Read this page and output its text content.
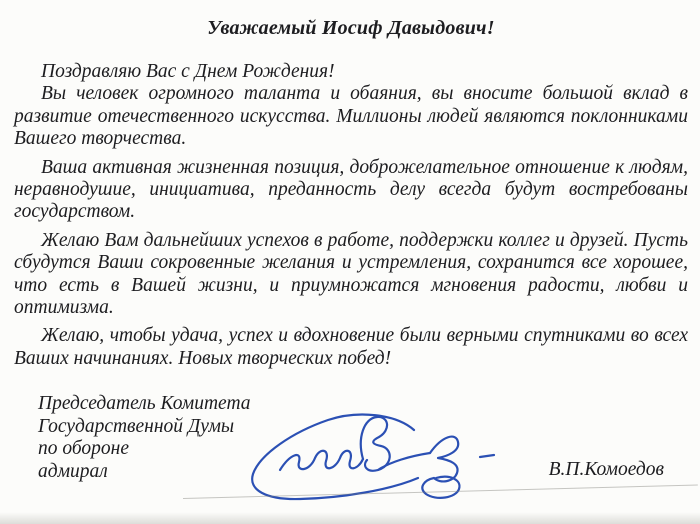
Уважаемый Иосиф Давыдович!

Поздравляю Вас с Днем Рождения!

Вы человек огромного таланта и обаяния, вы вносите большой вклад в
развитие отечественного искусства. Миллионы людей являются поклонниками
Вашего творчества.

Ваша активная жизненная позиция, доброжелательное отношение к людям,
неравнодушие, инициатива, преданность делу всегда будут востребованы
государством.

Желаю Вам дальнейших успехов в работе, поддержки коллег и друзей. Пусть
сбудутся Ваши сокровенные желания и устремления, сохранится все хорошее,
что есть в Вашей жизни, и приумножатся мгновения радости, любви и
оптимизма.

Желаю, чтобы удача, успех и вдохновение были верными спутниками во всех
Ваших начинаниях. Новых творческих побед!

Председатель Комитета
Государственной Думы
по обороне
адмирал	В.П.Комоедов
